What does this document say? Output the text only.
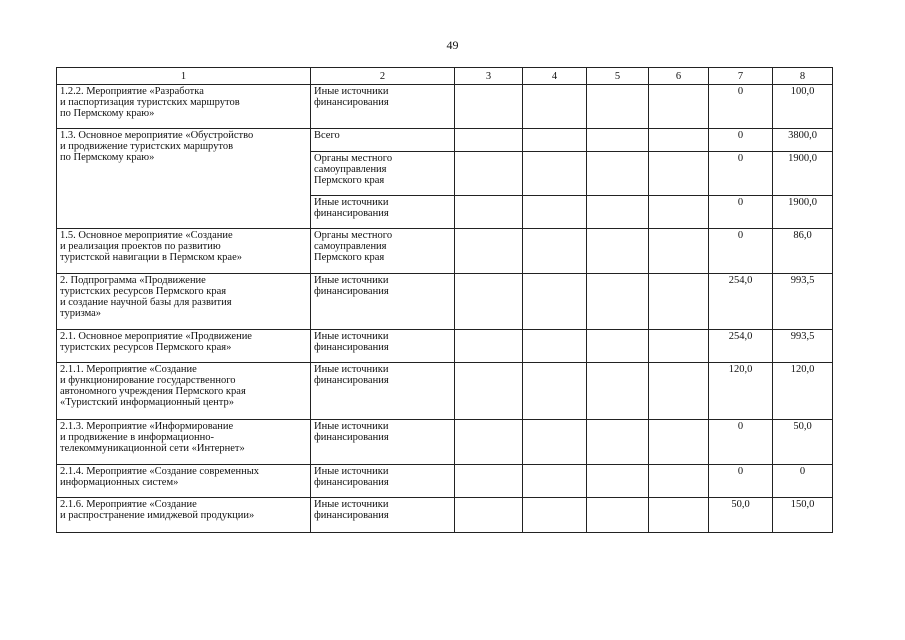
49
1	2	3	4	5	6	7	8
1.2.2. Мероприятие «Разработка
и паспортизация туристских маршрутов
по Пермскому краю»	Иные источники
финансирования					0	100,0
1.3. Основное мероприятие «Обустройство
и продвижение туристских маршрутов
по Пермскому краю»	Всего					0	3800,0
	Органы местного
самоуправления
Пермского края					0	1900,0
	Иные источники
финансирования					0	1900,0
1.5. Основное мероприятие «Создание
и реализация проектов по развитию
туристской навигации в Пермском крае»	Органы местного
самоуправления
Пермского края					0	86,0
2. Подпрограмма «Продвижение
туристских ресурсов Пермского края
и создание научной базы для развития
туризма»	Иные источники
финансирования					254,0	993,5
2.1. Основное мероприятие «Продвижение
туристских ресурсов Пермского края»	Иные источники
финансирования					254,0	993,5
2.1.1. Мероприятие «Создание
и функционирование государственного
автономного учреждения Пермского края
«Туристский информационный центр»	Иные источники
финансирования					120,0	120,0
2.1.3. Мероприятие «Информирование
и продвижение в информационно-
телекоммуникационной сети «Интернет»	Иные источники
финансирования					0	50,0
2.1.4. Мероприятие «Создание современных
информационных систем»	Иные источники
финансирования					0	0
2.1.6. Мероприятие «Создание
и распространение имиджевой продукции»	Иные источники
финансирования					50,0	150,0
